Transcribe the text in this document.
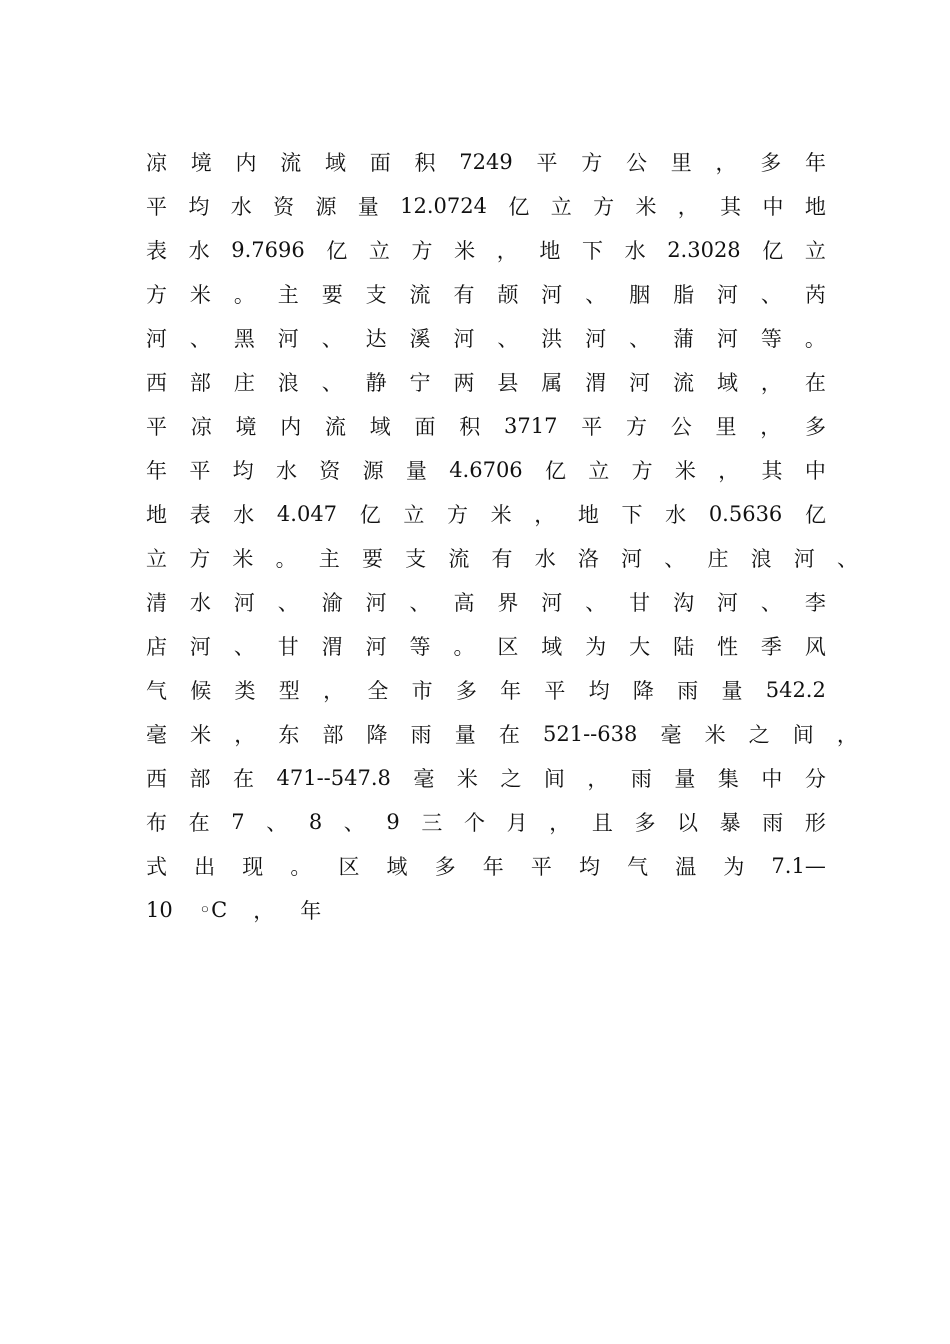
凉 境 内 流 域 面 积 7249 平 方 公 里 ， 多 年
平 均 水 资 源 量 12.0724 亿 立 方 米 ， 其 中 地
表 水 9.7696 亿 立 方 米 ， 地 下 水 2.3028 亿 立
方 米 。 主 要 支 流 有 颉 河 、 胭 脂 河 、 芮
河 、 黑 河 、 达 溪 河 、 洪 河 、 蒲 河 等 。
西 部 庄 浪 、 静 宁 两 县 属 渭 河 流 域 ， 在
平 凉 境 内 流 域 面 积 3717 平 方 公 里 ， 多
年 平 均 水 资 源 量 4.6706 亿 立 方 米 ， 其 中
地 表 水 4.047 亿 立 方 米 ， 地 下 水 0.5636 亿
立 方 米 。 主 要 支 流 有 水 洛 河 、 庄 浪 河 、
清 水 河 、 渝 河 、 高 界 河 、 甘 沟 河 、 李
店 河 、 甘 渭 河 等 。 区 域 为 大 陆 性 季 风
气 候 类 型 ， 全 市 多 年 平 均 降 雨 量 542.2
毫 米 ， 东 部 降 雨 量 在 521--638 毫 米 之 间 ，
西 部 在 471--547.8 毫 米 之 间 ， 雨 量 集 中 分
布 在 7 、 8 、 9 三 个 月 ， 且 多 以 暴 雨 形
式 出 现 。 区 域 多 年 平 均 气 温 为 7.1—
10 ◦C ， 年
